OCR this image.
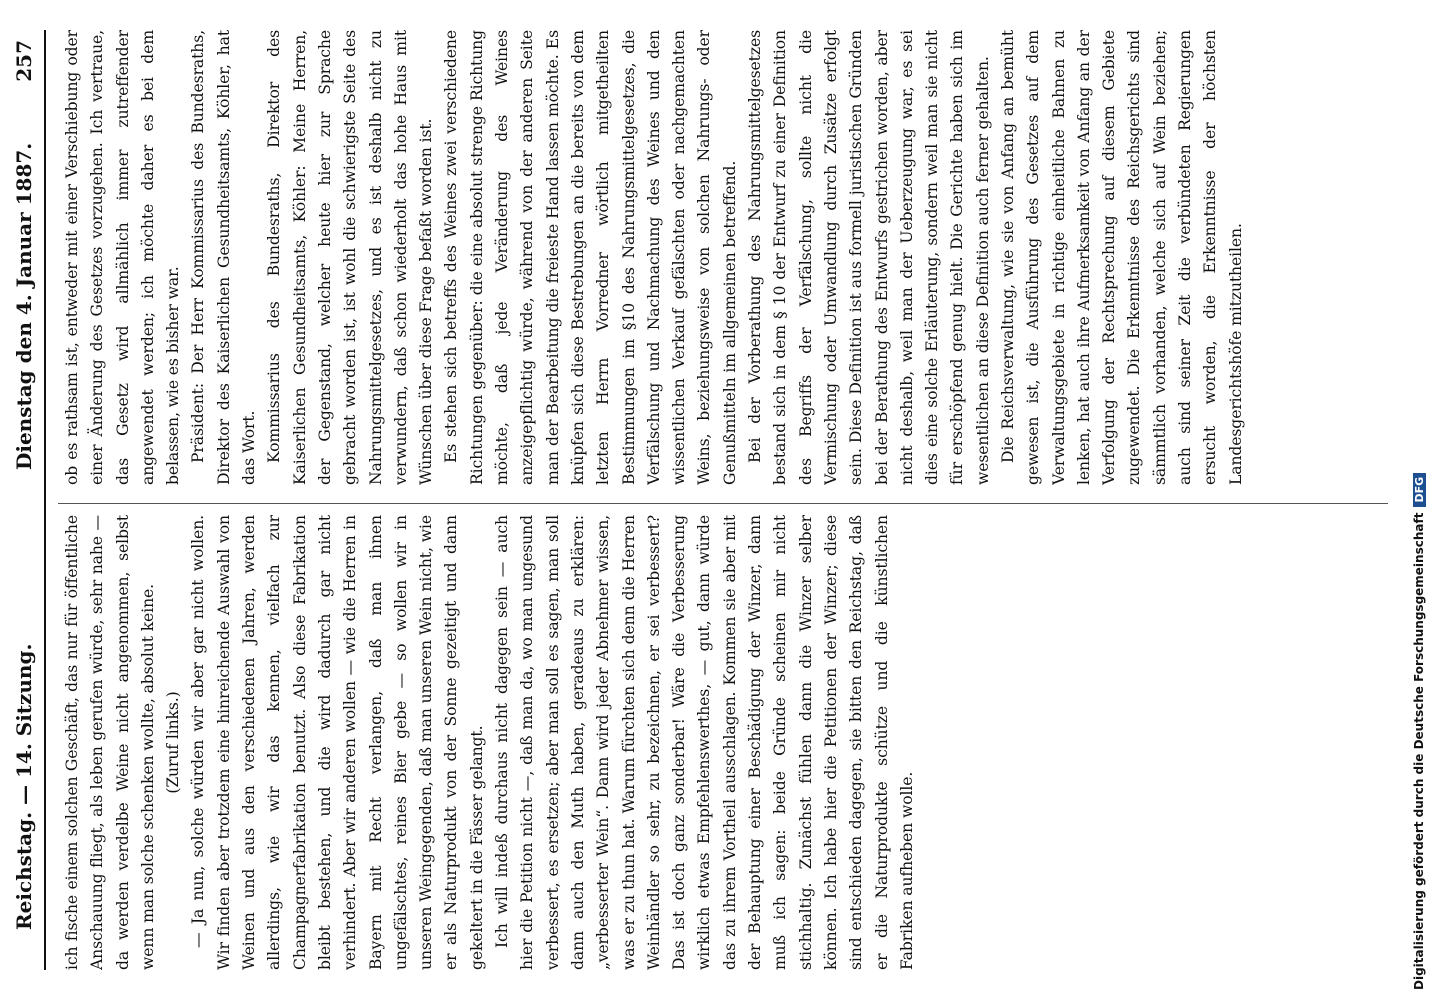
Reichstag. — 14. Sitzung.
Dienstag den 4. Januar 1887.
257

ich fische einem solchen Geschäft, das nur für öffentliche Anschauung fliegt, als leben gerufen würde, sehr nahe — da werden verdelbe Weine nicht angenommen, selbst wenn man solche schenken wollte, absolut keine. (Zuruf links.) — Ja nun, solche würden wir aber gar nicht wollen. Wir finden aber trotzdem eine hinreichende Auswahl von Weinen und aus den verschiedenen Jahren, werden allerdings, wie wir das kennen, vielfach zur Champagnerfabrikation benutzt. Also diese Fabrikation bleibt bestehen, und die wird dadurch gar nicht verhindert. Aber wir anderen wollen — wie die Herren in Bayern mit Recht verlangen, daß man ihnen ungefälschtes, reines Bier gebe — so wollen wir in unseren Weingegenden, daß man unseren Wein nicht, wie er als Naturprodukt von der Sonne gezeitigt und dann gekeltert in die Fässer gelangt. Ich will indeß durchaus nicht dagegen sein — auch hier die Petition nicht —, daß man da, wo man ungesund verbessert, es ersetzen; aber man soll es sagen, man soll dann auch den Muth haben, geradeaus zu erklären: „verbesserter Wein“. Dann wird jeder Abnehmer wissen, was er zu thun hat. Warum fürchten sich denn die Herren Weinhändler so sehr, zu bezeichnen, er sei verbessert? Das ist doch ganz sonderbar! Wäre die Verbesserung wirklich etwas Empfehlenswerthes, — gut, dann würde das zu ihrem Vortheil ausschlagen. Kommen sie aber mit der Behauptung einer Beschädigung der Winzer, dann muß ich sagen: beide Gründe scheinen mir nicht stichhaltig. Zunächst fühlen dann die Winzer selber können. Ich habe hier die Petitionen der Winzer; diese sind entschieden dagegen, sie bitten den Reichstag, daß er die Naturprodukte schütze und die künstlichen Fabriken aufheben wolle.

ob es rathsam ist, entweder mit einer Verschiebung oder einer Änderung des Gesetzes vorzugehen. Ich vertraue, das Gesetz wird allmählich immer zutreffender angewendet werden; ich möchte daher es bei dem belassen, wie es bisher war. Präsident: Der Herr Kommissarius des Bundesraths, Direktor des Kaiserlichen Gesundheitsamts, Köhler, hat das Wort. Kommissarius des Bundesraths, Direktor des Kaiserlichen Gesundheitsamts, Köhler: Meine Herren, der Gegenstand, welcher heute hier zur Sprache gebracht worden ist, ist wohl die schwierigste Seite des Nahrungsmittelgesetzes, und es ist deshalb nicht zu verwundern, daß schon wiederholt das hohe Haus mit Wünschen über diese Frage befaßt worden ist. Es stehen sich betreffs des Weines zwei verschiedene Richtungen gegenüber: die eine absolut strenge Richtung möchte, daß jede Veränderung des Weines anzeigepflichtig würde, während von der anderen Seite man der Bearbeitung die freieste Hand lassen möchte. Es knüpfen sich diese Bestrebungen an die bereits von dem letzten Herrn Vorredner wörtlich mitgetheilten Bestimmungen im §10 des Nahrungsmittelgesetzes, die Verfälschung und Nachmachung des Weines und den wissentlichen Verkauf gefälschten oder nachgemachten Weins, beziehungsweise von solchen Nahrungs- oder Genußmitteln im allgemeinen betreffend. Bei der Vorberathung des Nahrungsmittelgesetzes bestand sich in dem § 10 der Entwurf zu einer Definition des Begriffs der Verfälschung, sollte nicht die Vermischung oder Umwandlung durch Zusätze erfolgt sein. Diese Definition ist aus formell juristischen Gründen bei der Berathung des Entwurfs gestrichen worden, aber nicht deshalb, weil man der Ueberzeugung war, es sei dies eine solche Erläuterung, sondern weil man sie nicht für erschöpfend genug hielt. Die Gerichte haben sich im wesentlichen an diese Definition auch ferner gehalten. Die Reichsverwaltung, wie sie von Anfang an bemüht gewesen ist, die Ausführung des Gesetzes auf dem Verwaltungsgebiete in richtige einheitliche Bahnen zu lenken, hat auch ihre Aufmerksamkeit von Anfang an der Verfolgung der Rechtsprechung auf diesem Gebiete zugewendet. Die Erkenntnisse des Reichsgerichts sind sämmtlich vorhanden, welche sich auf Wein beziehen; auch sind seiner Zeit die verbündeten Regierungen ersucht worden, die Erkenntnisse der höchsten Landesgerichtshöfe mitzutheilen.

Digitalisierung gefördert durch die Deutsche ForschungsgemeinschaftDFG
